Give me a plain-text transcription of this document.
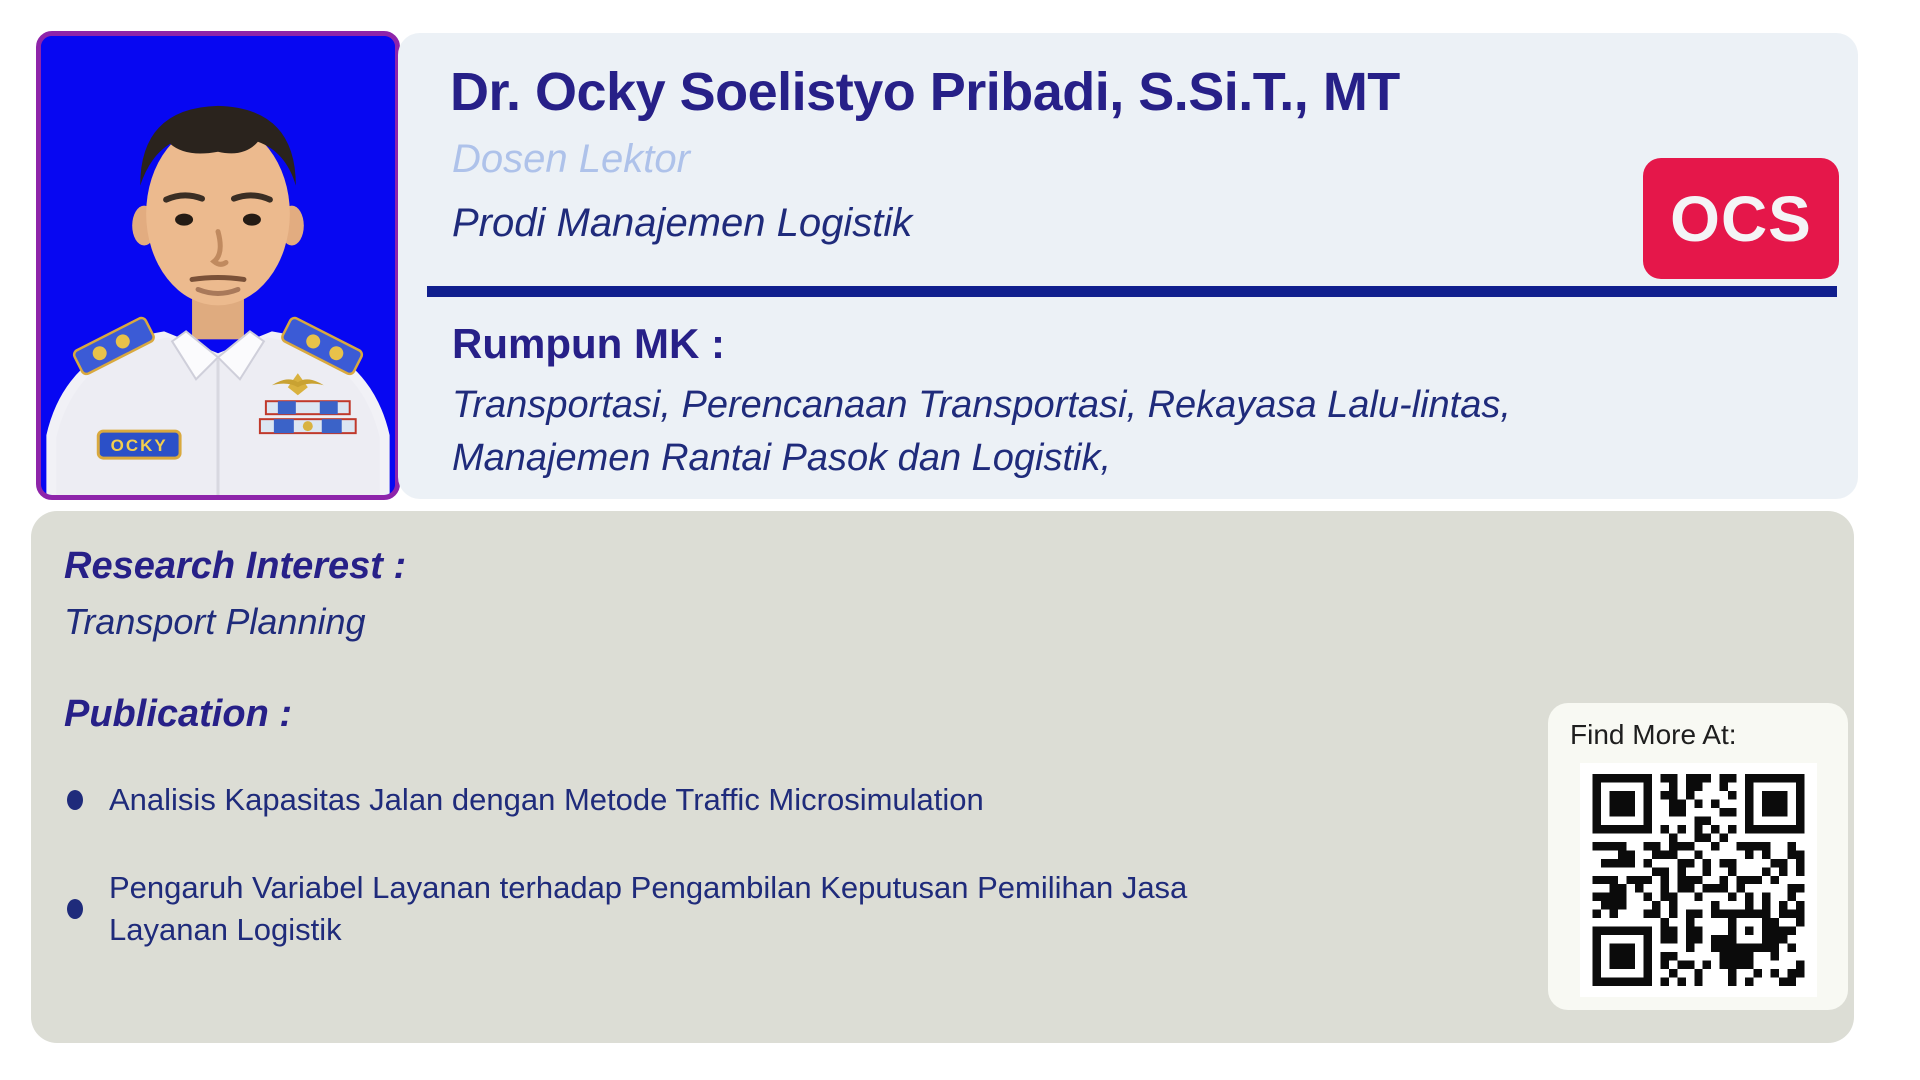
OCKY
Dr. Ocky Soelistyo Pribadi, S.Si.T., MT
Dosen Lektor
Prodi Manajemen Logistik
Rumpun MK :
Transportasi, Perencanaan Transportasi, Rekayasa Lalu-lintas,
Manajemen Rantai Pasok dan Logistik,
OCS
Research Interest :
Transport Planning
Publication :
Analisis Kapasitas Jalan dengan Metode Traffic Microsimulation
Pengaruh Variabel Layanan terhadap Pengambilan Keputusan Pemilihan Jasa Layanan Logistik
Find More At:
